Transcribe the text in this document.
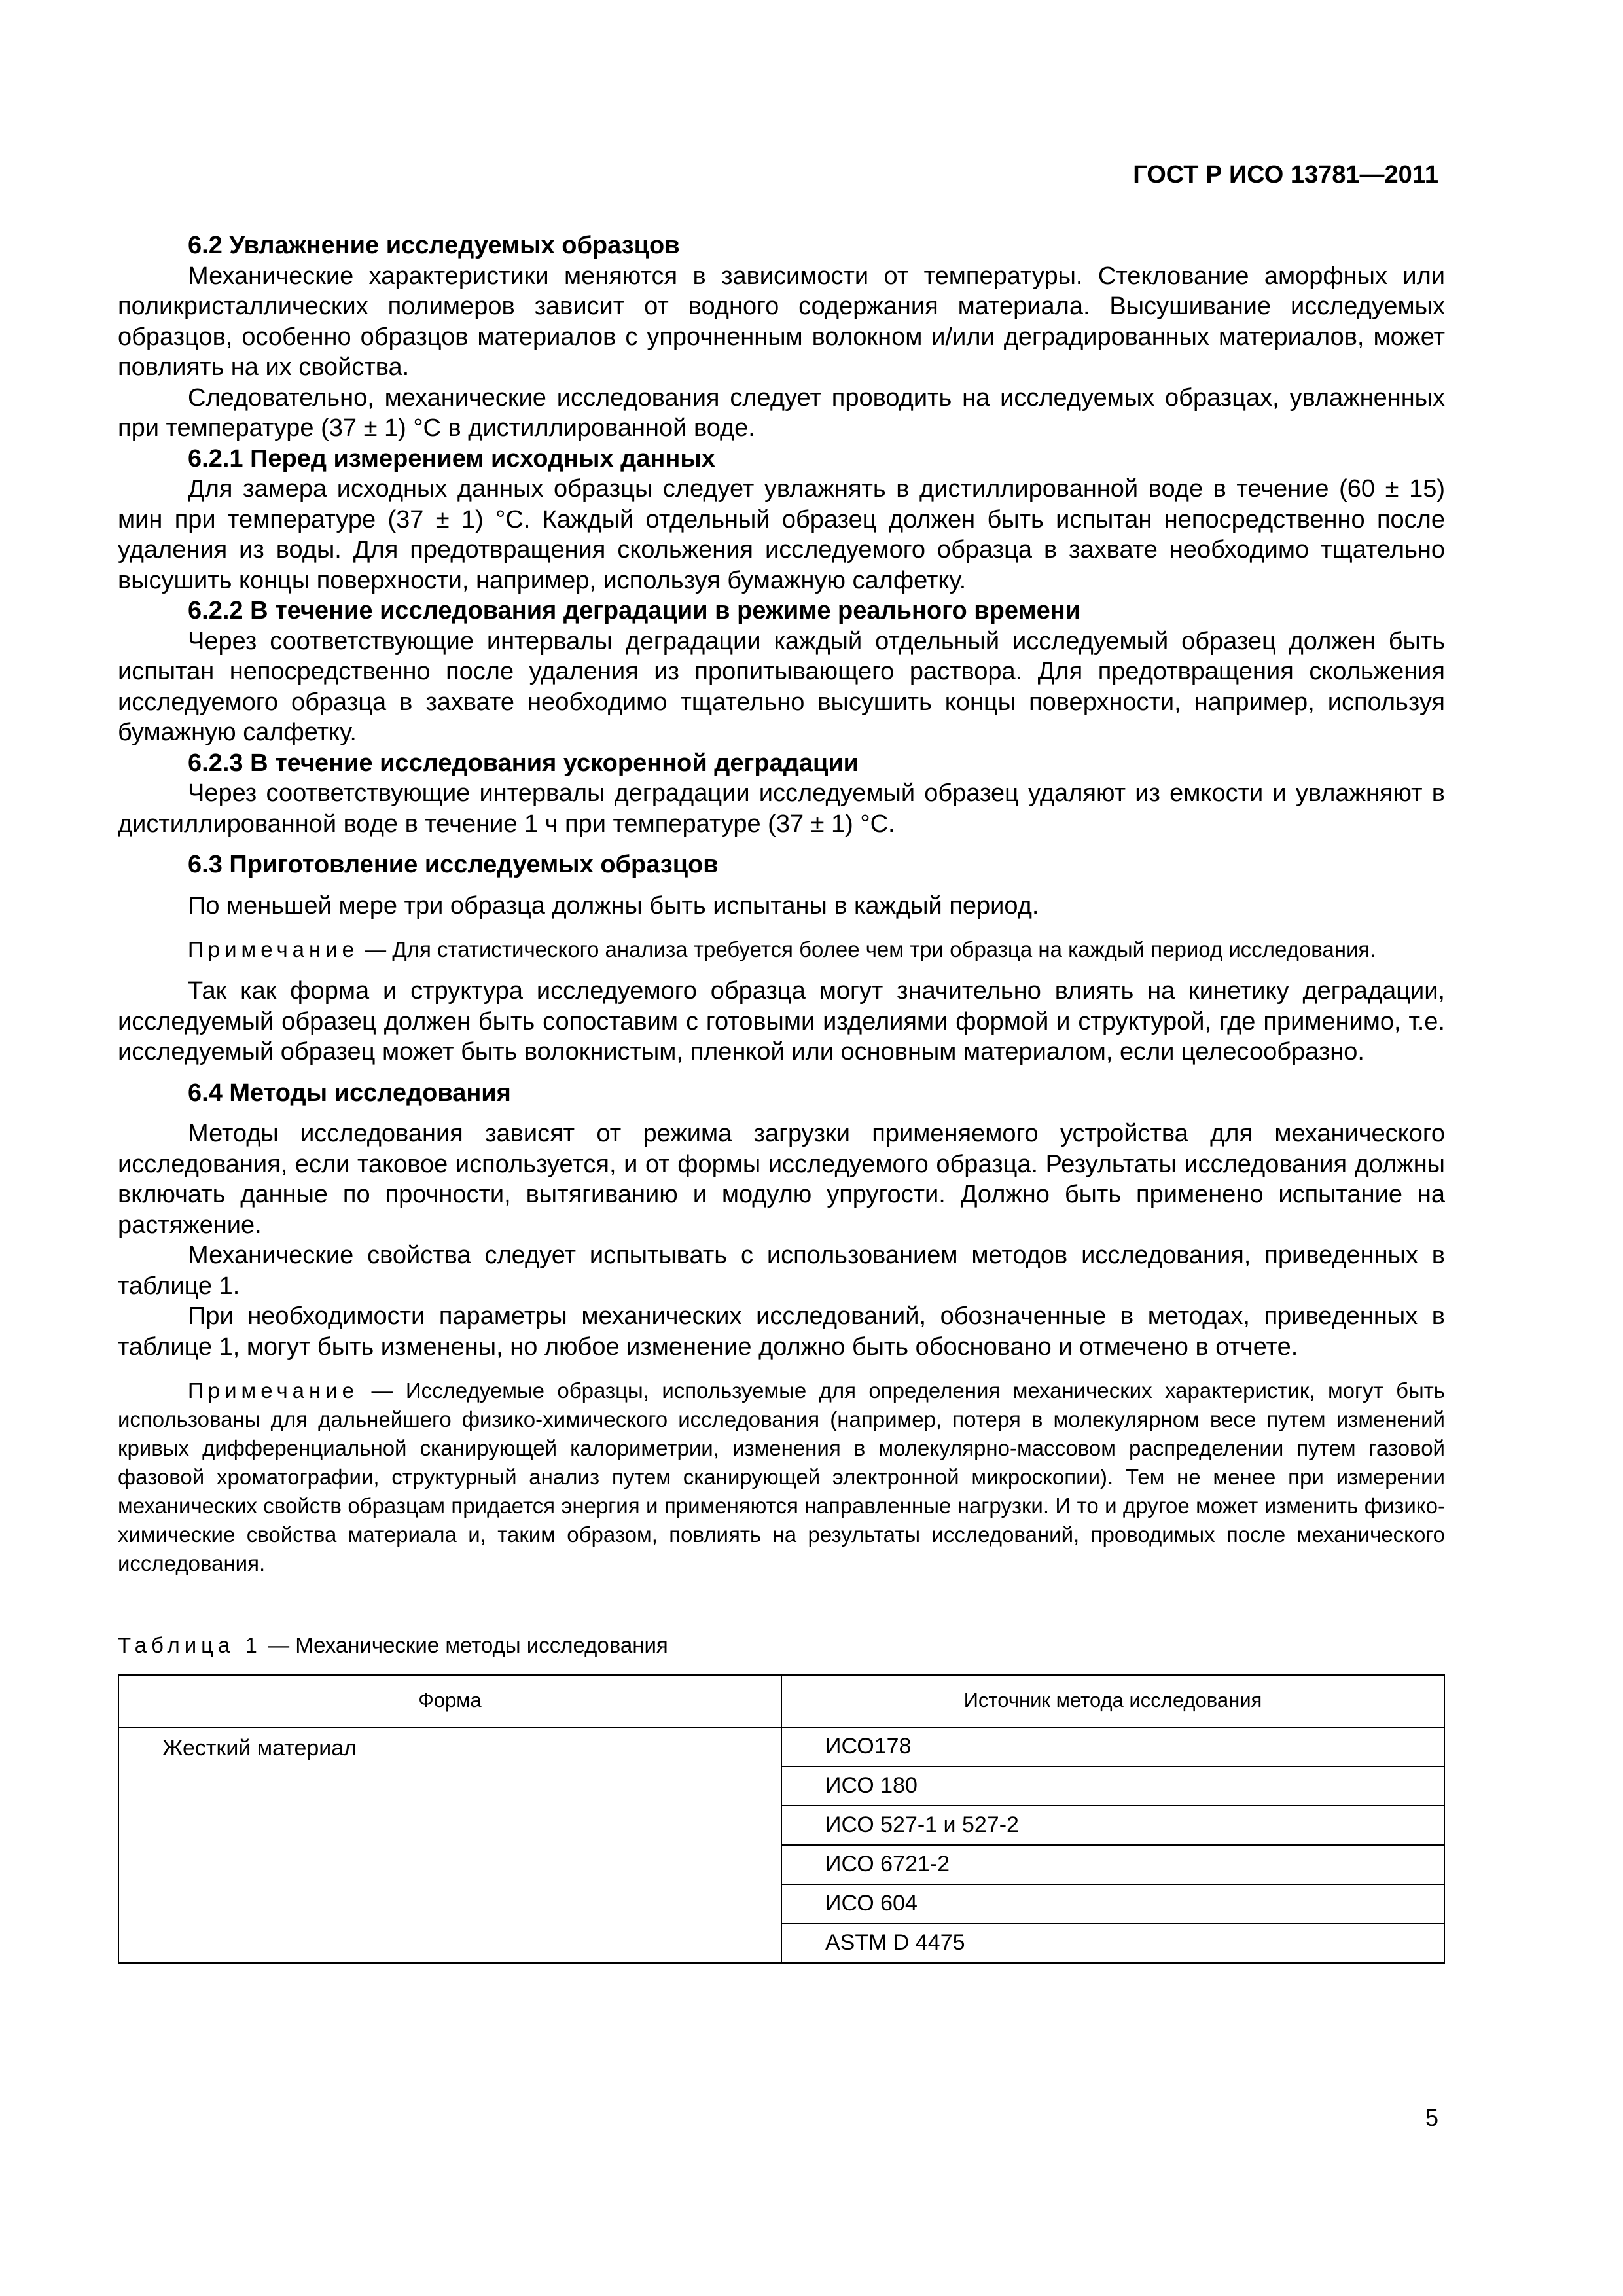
ГОСТ Р ИСО 13781—2011
6.2 Увлажнение исследуемых образцов

Механические характеристики меняются в зависимости от температуры. Стеклование аморфных или поликристаллических полимеров зависит от водного содержания материала. Высушивание исследуемых образцов, особенно образцов материалов с упрочненным волокном и/или деградированных материалов, может повлиять на их свойства.

Следовательно, механические исследования следует проводить на исследуемых образцах, увлажненных при температуре (37 ± 1) °C в дистиллированной воде.

6.2.1 Перед измерением исходных данных

Для замера исходных данных образцы следует увлажнять в дистиллированной воде в течение (60 ± 15) мин при температуре (37 ± 1) °C. Каждый отдельный образец должен быть испытан непосредственно после удаления из воды. Для предотвращения скольжения исследуемого образца в захвате необходимо тщательно высушить концы поверхности, например, используя бумажную салфетку.

6.2.2 В течение исследования деградации в режиме реального времени

Через соответствующие интервалы деградации каждый отдельный исследуемый образец должен быть испытан непосредственно после удаления из пропитывающего раствора. Для предотвращения скольжения исследуемого образца в захвате необходимо тщательно высушить концы поверхности, например, используя бумажную салфетку.

6.2.3 В течение исследования ускоренной деградации

Через соответствующие интервалы деградации исследуемый образец удаляют из емкости и увлажняют в дистиллированной воде в течение 1 ч при температуре (37 ± 1) °C.

6.3 Приготовление исследуемых образцов

По меньшей мере три образца должны быть испытаны в каждый период.

Примечание — Для статистического анализа требуется более чем три образца на каждый период исследования.

Так как форма и структура исследуемого образца могут значительно влиять на кинетику деградации, исследуемый образец должен быть сопоставим с готовыми изделиями формой и структурой, где применимо, т.е. исследуемый образец может быть волокнистым, пленкой или основным материалом, если целесообразно.

6.4 Методы исследования

Методы исследования зависят от режима загрузки применяемого устройства для механического исследования, если таковое используется, и от формы исследуемого образца. Результаты исследования должны включать данные по прочности, вытягиванию и модулю упругости. Должно быть применено испытание на растяжение.

Механические свойства следует испытывать с использованием методов исследования, приведенных в таблице 1.

При необходимости параметры механических исследований, обозначенные в методах, приведенных в таблице 1, могут быть изменены, но любое изменение должно быть обосновано и отмечено в отчете.

Примечание — Исследуемые образцы, используемые для определения механических характеристик, могут быть использованы для дальнейшего физико-химического исследования (например, потеря в молекулярном весе путем изменений кривых дифференциальной сканирующей калориметрии, изменения в молекулярно-массовом распределении путем газовой фазовой хроматографии, структурный анализ путем сканирующей электронной микроскопии). Тем не менее при измерении механических свойств образцам придается энергия и применяются направленные нагрузки. И то и другое может изменить физико-химические свойства материала и, таким образом, повлиять на результаты исследований, проводимых после механического исследования.

Таблица 1 — Механические методы исследования
Форма	Источник метода исследования
Жесткий материал	ИСО178
	ИСО 180
	ИСО 527-1 и 527-2
	ИСО 6721-2
	ИСО 604
	ASTM D 4475
5
